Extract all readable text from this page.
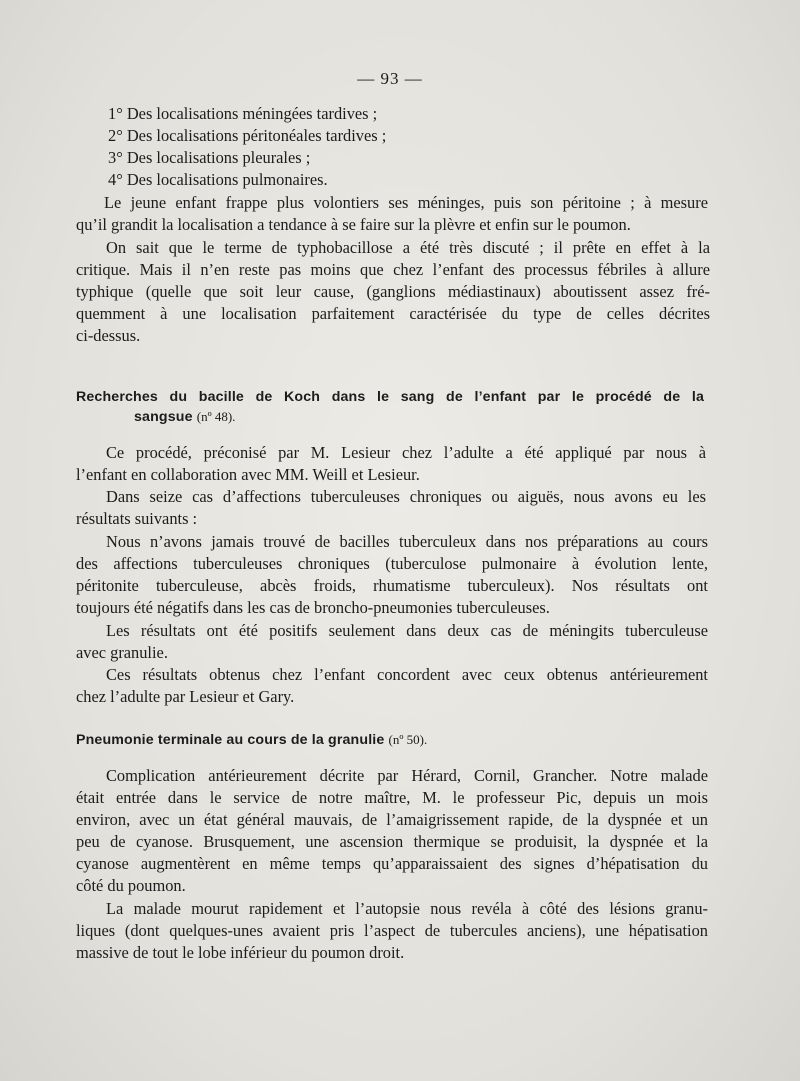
— 93 —
1° Des localisations méningées tardives ;
2° Des localisations péritonéales tardives ;
3° Des localisations pleurales ;
4° Des localisations pulmonaires.
Le jeune enfant frappe plus volontiers ses méninges, puis son péritoine ; à mesure
qu’il grandit la localisation a tendance à se faire sur la plèvre et enfin sur le poumon.
On sait que le terme de typhobacillose a été très discuté ; il prête en effet à la
critique. Mais il n’en reste pas moins que chez l’enfant des processus fébriles à allure
typhique (quelle que soit leur cause, (ganglions médiastinaux) aboutissent assez fré-
quemment à une localisation parfaitement caractérisée du type de celles décrites
ci-dessus.
Recherches du bacille de Koch dans le sang de l’enfant par le procédé de la
sangsue (nº 48).
Ce procédé, préconisé par M. Lesieur chez l’adulte a été appliqué par nous à
l’enfant en collaboration avec MM. Weill et Lesieur.
Dans seize cas d’affections tuberculeuses chroniques ou aiguës, nous avons eu les
résultats suivants :
Nous n’avons jamais trouvé de bacilles tuberculeux dans nos préparations au cours
des affections tuberculeuses chroniques (tuberculose pulmonaire à évolution lente,
péritonite tuberculeuse, abcès froids, rhumatisme tuberculeux). Nos résultats ont
toujours été négatifs dans les cas de broncho-pneumonies tuberculeuses.
Les résultats ont été positifs seulement dans deux cas de méningits tuberculeuse
avec granulie.
Ces résultats obtenus chez l’enfant concordent avec ceux obtenus antérieurement
chez l’adulte par Lesieur et Gary.
Pneumonie terminale au cours de la granulie (nº 50).
Complication antérieurement décrite par Hérard, Cornil, Grancher. Notre malade
était entrée dans le service de notre maître, M. le professeur Pic, depuis un mois
environ, avec un état général mauvais, de l’amaigrissement rapide, de la dyspnée et un
peu de cyanose. Brusquement, une ascension thermique se produisit, la dyspnée et la
cyanose augmentèrent en même temps qu’apparaissaient des signes d’hépatisation du
côté du poumon.
La malade mourut rapidement et l’autopsie nous revéla à côté des lésions granu-
liques (dont quelques-unes avaient pris l’aspect de tubercules anciens), une hépatisation
massive de tout le lobe inférieur du poumon droit.
